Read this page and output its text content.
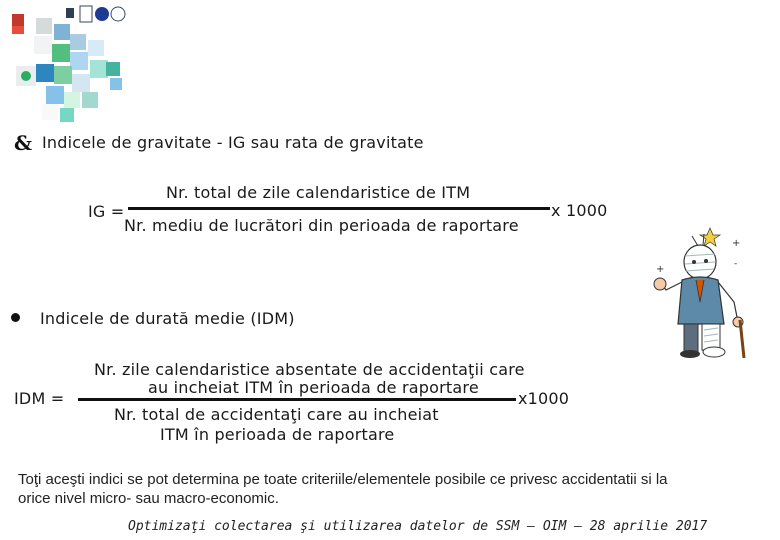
& Indicele de gravitate - IG sau rata de gravitate
IG =
Nr. total de zile calendaristice de ITM
x 1000
Nr. mediu de lucrători din perioada de raportare
Indicele de durată medie (IDM)
Nr. zile calendaristice absentate de accidentaţii care
au incheiat ITM în perioada de raportare
IDM =	x1000
Nr. total de accidentaţi care au incheiat
ITM în perioada de raportare
Toţi aceşti indici se pot determina pe toate criteriile/elementele posibile ce privesc accidentatii si la orice nivel micro- sau macro-economic.
Optimizaţi colectarea şi utilizarea datelor de SSM – OIM – 28 aprilie 2017
+
+	-
